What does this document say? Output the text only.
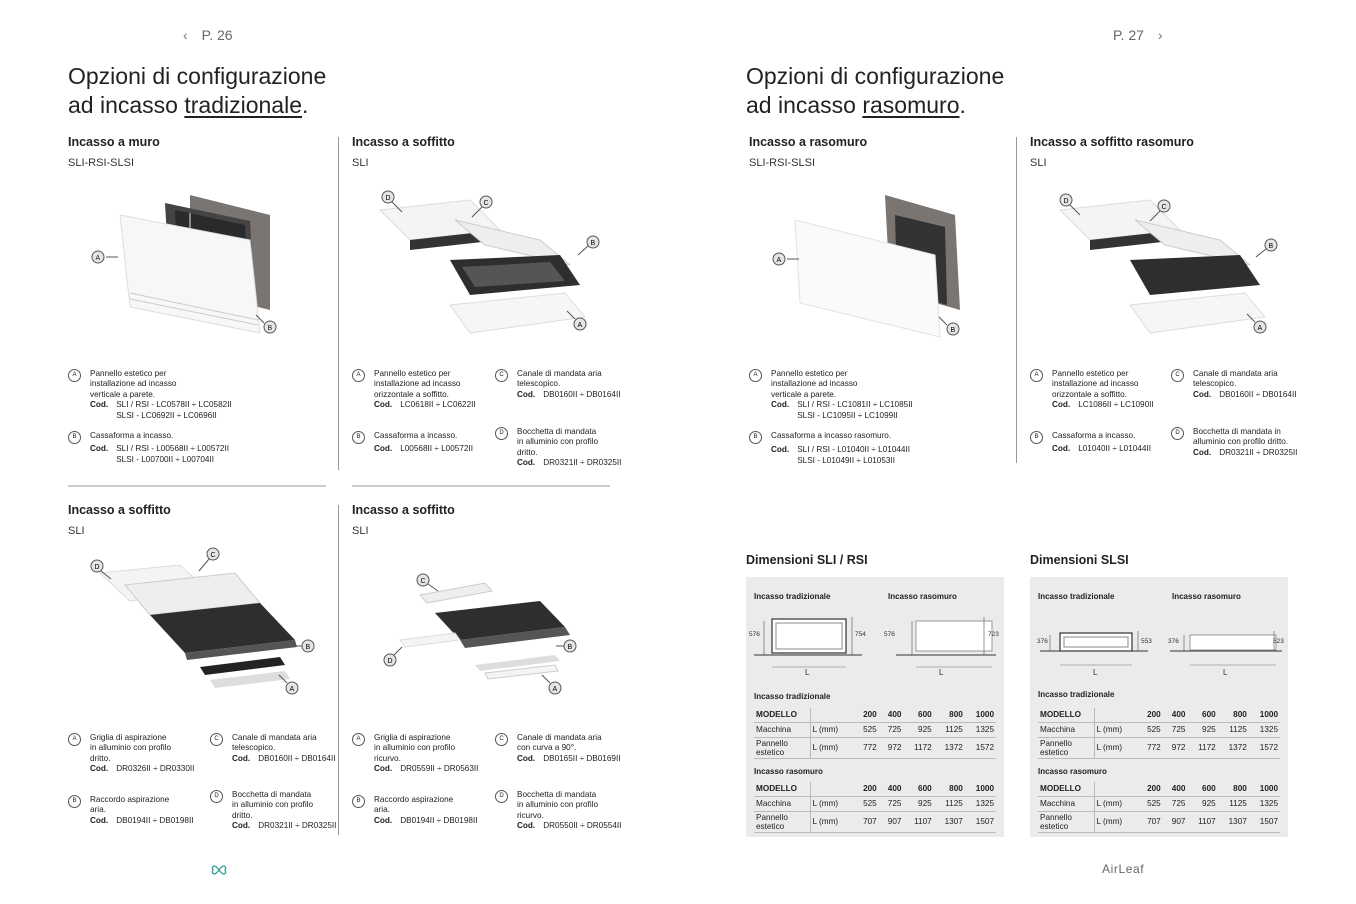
‹ P. 26
Opzioni di configurazione
ad incasso tradizionale.
P. 27 ›
Opzioni di configurazione
ad incasso rasomuro.
Incasso a muro
SLI-RSI-SLSI
Incasso a soffitto
SLI
Incasso a soffitto
SLI
Incasso a soffitto
SLI
Incasso a rasomuro
SLI-RSI-SLSI
Incasso a soffitto rasomuro
SLI
A
B
D
C
B
A
D
C
B
A
C
D
B
A
A
B
D
C
B
A
A	Pannello estetico per
installazione ad incasso
verticale a parete.
Cod. SLI / RSI - LC0578II ÷ LC0582II
SLSI - LC0692II ÷ LC0696II
B	Cassaforma a incasso.
Cod. SLI / RSI - L00568II ÷ L00572II
SLSI - L00700II ÷ L00704II
A	Pannello estetico per
installazione ad incasso
orizzontale a soffitto.
Cod. LC0618II ÷ LC0622II
B	Cassaforma a incasso.
Cod. L00568II ÷ L00572II
C	Canale di mandata aria
telescopico.
Cod. DB0160II ÷ DB0164II
D	Bocchetta di mandata
in alluminio con profilo
dritto.
Cod. DR0321II ÷ DR0325II
A	Griglia di aspirazione
in alluminio con profilo
dritto.
Cod. DR0326II ÷ DR0330II
B	Raccordo aspirazione
aria.
Cod. DB0194II ÷ DB0198II
C	Canale di mandata aria
telescopico.
Cod. DB0160II ÷ DB0164II
D	Bocchetta di mandata
in alluminio con profilo
dritto.
Cod. DR0321II ÷ DR0325II
A	Griglia di aspirazione
in alluminio con profilo
ricurvo.
Cod. DR0559II ÷ DR0563II
B	Raccordo aspirazione
aria.
Cod. DB0194II ÷ DB0198II
C	Canale di mandata aria
con curva a 90°.
Cod. DB0165II ÷ DB0169II
D	Bocchetta di mandata
in alluminio con profilo
ricurvo.
Cod. DR0550II ÷ DR0554II
A	Pannello estetico per
installazione ad incasso
verticale a parete.
Cod. SLI / RSI - LC1081II ÷ LC1085II
SLSI - LC1095II ÷ LC1099II
B	Cassaforma a incasso rasomuro.
Cod. SLI / RSI - L01040II ÷ L01044II
SLSI - L01049II ÷ L01053II
A	Pannello estetico per
installazione ad incasso
orizzontale a soffitto.
Cod. LC1086II ÷ LC1090II
B	Cassaforma a incasso.
Cod. L01040II ÷ L01044II
C	Canale di mandata aria
telescopico.
Cod. DB0160II ÷ DB0164II
D	Bocchetta di mandata in
alluminio con profilo dritto.
Cod. DR0321II ÷ DR0325II
Dimensioni SLI / RSI	Dimensioni SLSI
Incasso tradizionale	Incasso rasomuro
576	754	576	723
L	L
Incasso tradizionale
MODELLO		200	400	600	800	1000
Macchina	L (mm)	525	725	925	1125	1325
Pannello estetico	L (mm)	772	972	1172	1372	1572
Incasso rasomuro
MODELLO		200	400	600	800	1000
Macchina	L (mm)	525	725	925	1125	1325
Pannello estetico	L (mm)	707	907	1107	1307	1507
Incasso tradizionale	Incasso rasomuro
376	553 376	523
L	L
Incasso tradizionale
MODELLO		200	400	600	800	1000
Macchina	L (mm)	525	725	925	1125	1325
Pannello estetico	L (mm)	772	972	1172	1372	1572
Incasso rasomuro
MODELLO		200	400	600	800	1000
Macchina	L (mm)	525	725	925	1125	1325
Pannello estetico	L (mm)	707	907	1107	1307	1507
AirLeaf
